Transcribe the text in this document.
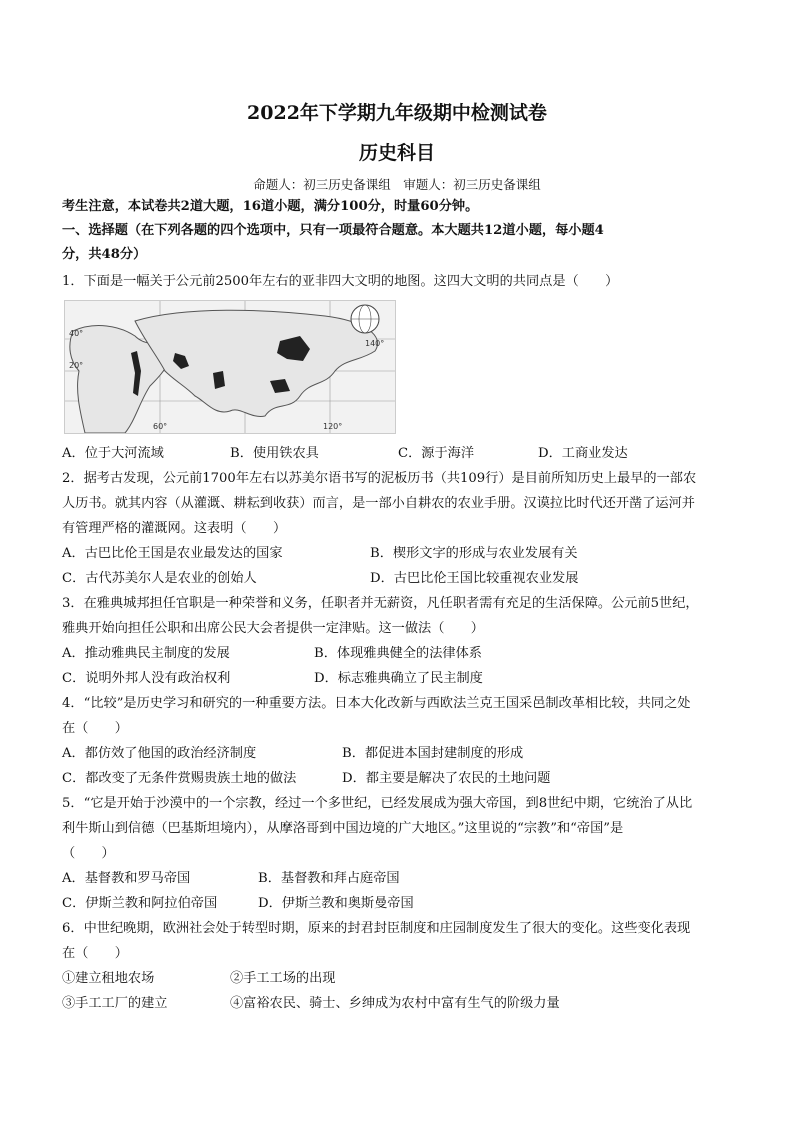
2022年下学期九年级期中检测试卷
历史科目
命题人：初三历史备课组　审题人：初三历史备课组
考生注意，本试卷共2道大题，16道小题，满分100分，时量60分钟。
一、选择题（在下列各题的四个选项中，只有一项最符合题意。本大题共12道小题，每小题4
分，共48分）
1．下面是一幅关于公元前2500年左右的亚非四大文明的地图。这四大文明的共同点是（　　）
40°
20°
60°	120°
140°
A．位于大河流域	B．使用铁农具	C．源于海洋	D．工商业发达
2．据考古发现，公元前1700年左右以苏美尔语书写的泥板历书（共109行）是目前所知历史上最早的一部农
人历书。就其内容（从灌溉、耕耘到收获）而言，是一部小自耕农的农业手册。汉谟拉比时代还开凿了运河并
有管理严格的灌溉网。这表明（　　）
A．古巴比伦王国是农业最发达的国家	B．楔形文字的形成与农业发展有关
C．古代苏美尔人是农业的创始人	D．古巴比伦王国比较重视农业发展
3．在雅典城邦担任官职是一种荣誉和义务，任职者并无薪资，凡任职者需有充足的生活保障。公元前5世纪，
雅典开始向担任公职和出席公民大会者提供一定津贴。这一做法（　　）
A．推动雅典民主制度的发展	B．体现雅典健全的法律体系
C．说明外邦人没有政治权利	D．标志雅典确立了民主制度
4．“比较”是历史学习和研究的一种重要方法。日本大化改新与西欧法兰克王国采邑制改革相比较，共同之处
在（　　）
A．都仿效了他国的政治经济制度	B．都促进本国封建制度的形成
C．都改变了无条件赏赐贵族土地的做法	D．都主要是解决了农民的土地问题
5．“它是开始于沙漠中的一个宗教，经过一个多世纪，已经发展成为强大帝国，到8世纪中期，它统治了从比
利牛斯山到信德（巴基斯坦境内），从摩洛哥到中国边境的广大地区。”这里说的“宗教”和“帝国”是
（　　）
A．基督教和罗马帝国	B．基督教和拜占庭帝国
C．伊斯兰教和阿拉伯帝国	D．伊斯兰教和奥斯曼帝国
6．中世纪晚期，欧洲社会处于转型时期，原来的封君封臣制度和庄园制度发生了很大的变化。这些变化表现
在（　　）
①建立租地农场	②手工工场的出现
③手工工厂的建立	④富裕农民、骑士、乡绅成为农村中富有生气的阶级力量
